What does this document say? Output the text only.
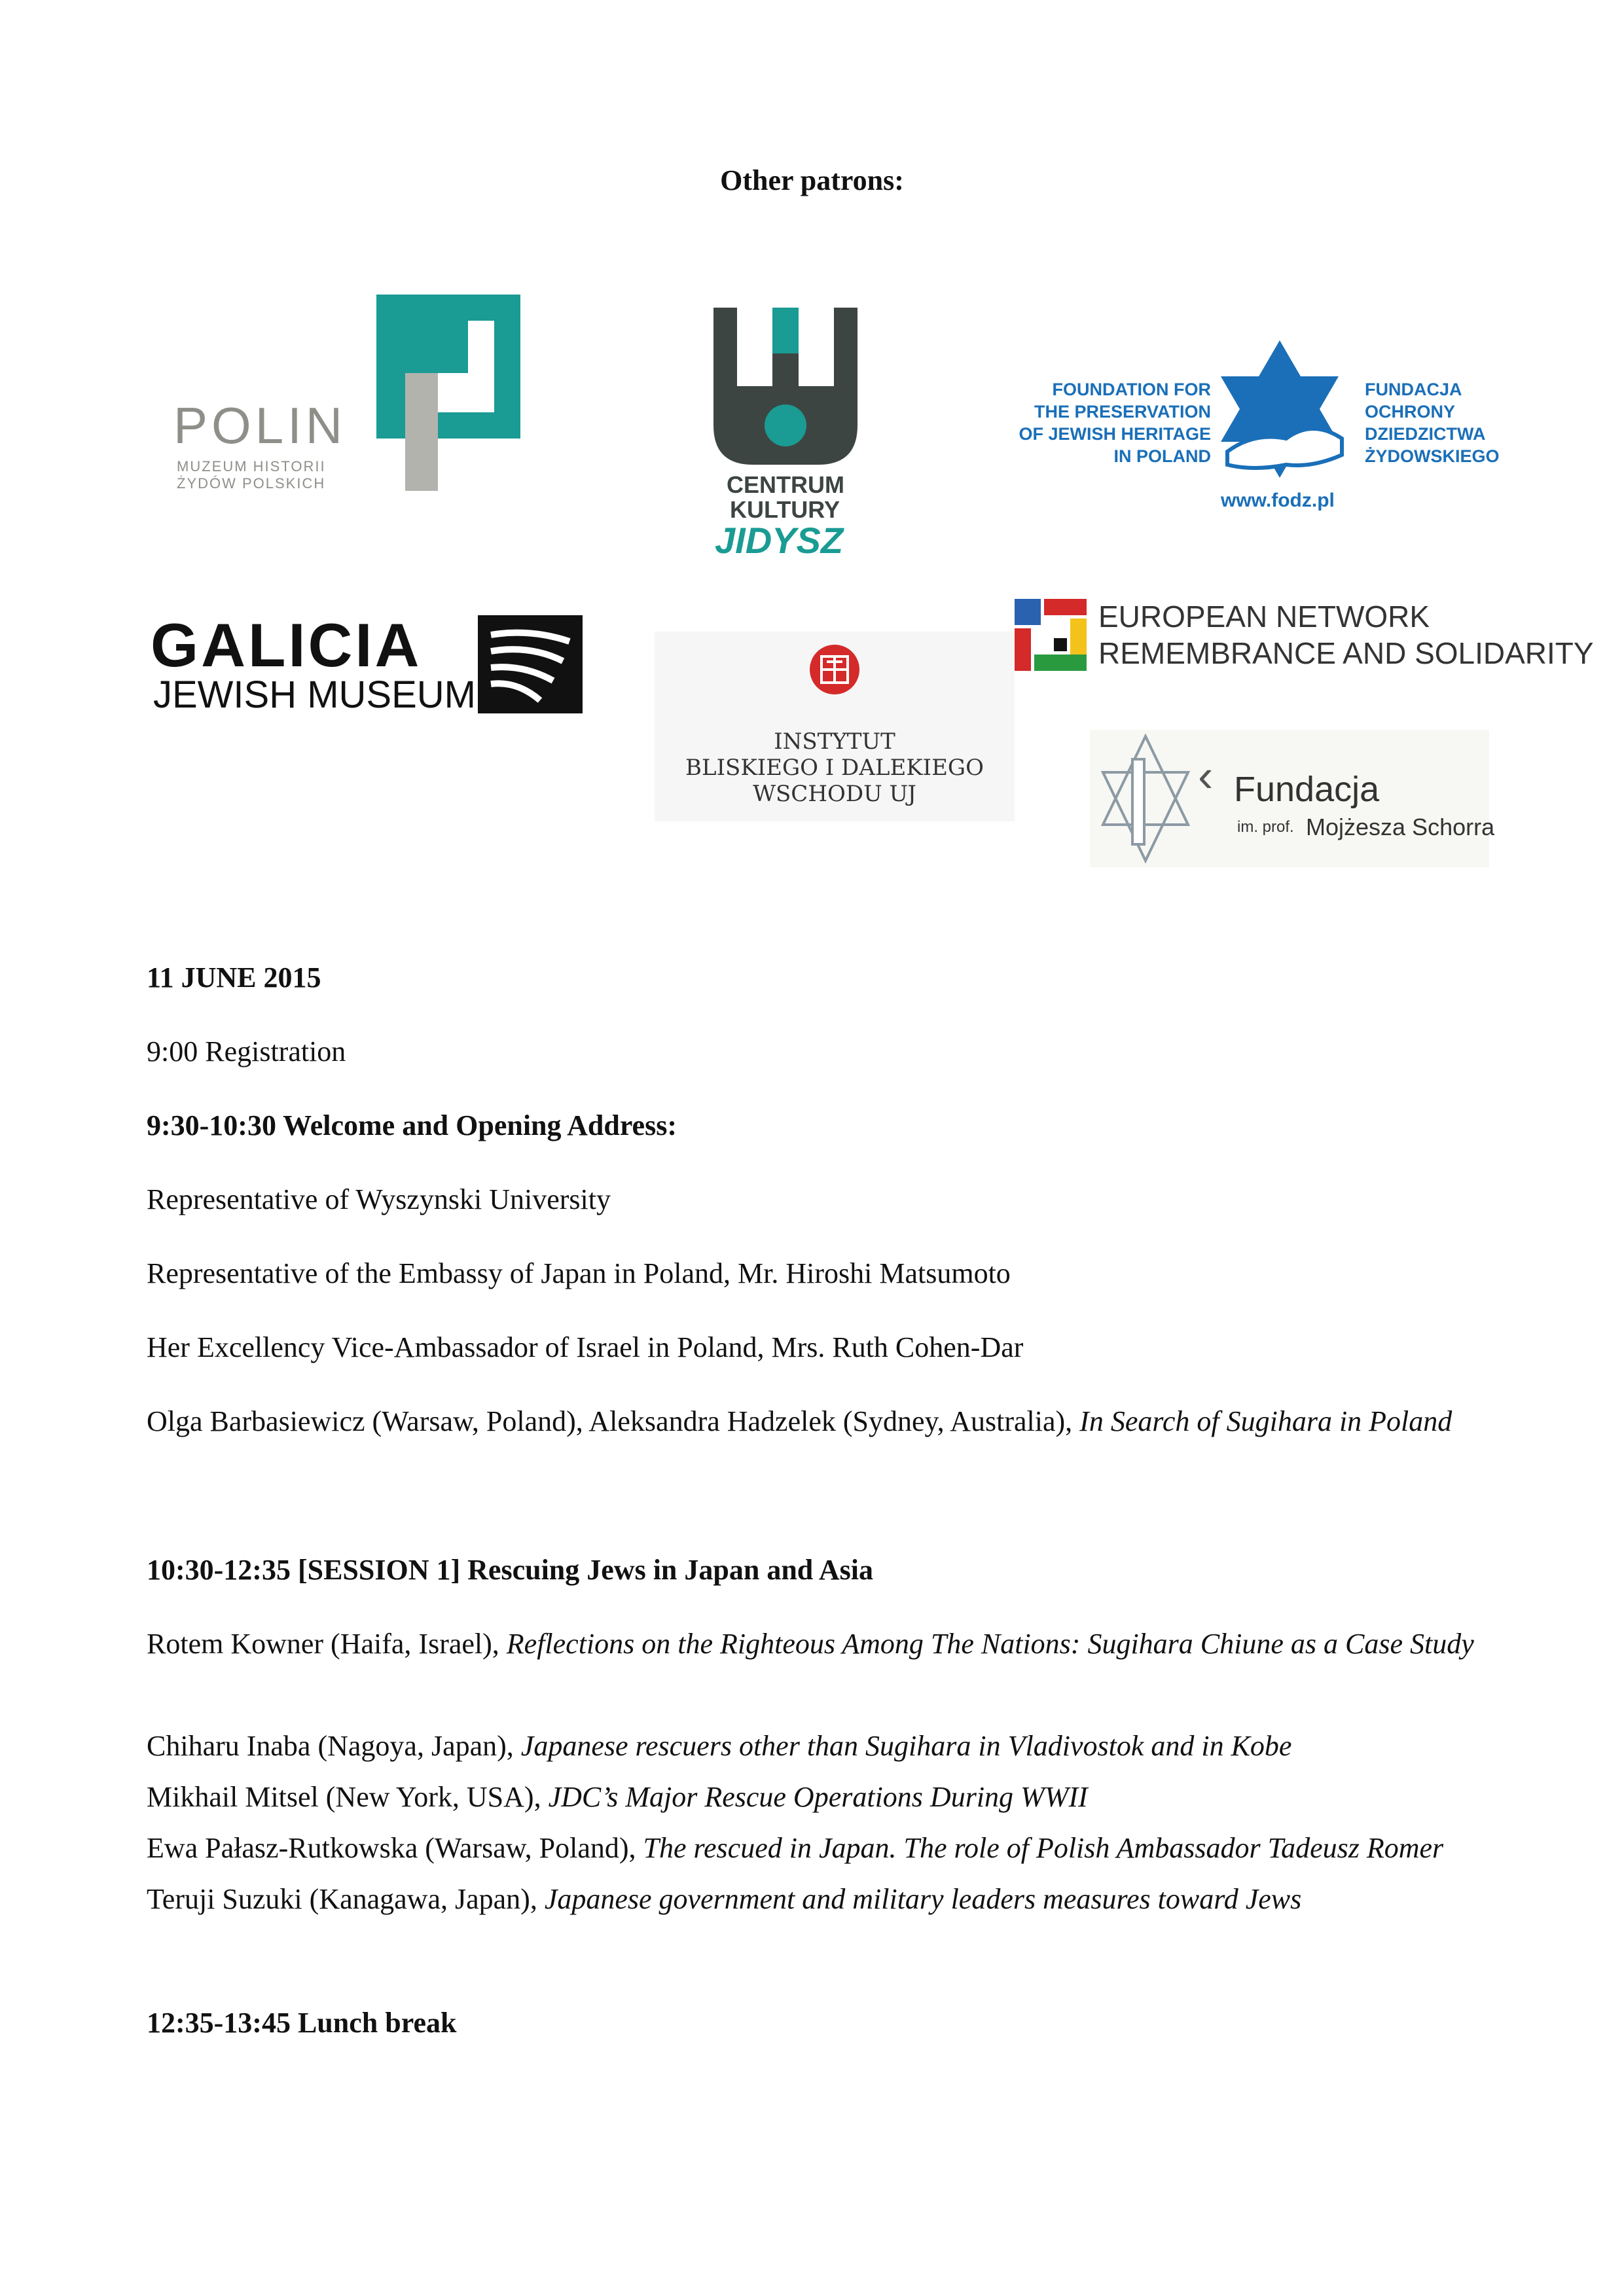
Other patrons:
POLIN
MUZEUM HISTORII
ŻYDÓW POLSKICH	CENTRUM
KULTURY
JIDYSZ
FOUNDATION FOR
THE PRESERVATION
OF JEWISH HERITAGE
IN POLAND
www.fodz.pl
FUNDACJA
OCHRONY
DZIEDZICTWA
ŻYDOWSKIEGO
GALICIA
JEWISH MUSEUM
INSTYTUT
BLISKIEGO I DALEKIEGO
WSCHODU UJ
EUROPEAN NETWORK
REMEMBRANCE AND SOLIDARITY
‹ Fundacja
im. prof. Mojżesza Schorra
11 JUNE 2015
9:00 Registration
9:30-10:30 Welcome and Opening Address:
Representative of Wyszynski University
Representative of the Embassy of Japan in Poland, Mr. Hiroshi Matsumoto
Her Excellency Vice-Ambassador of Israel in Poland, Mrs. Ruth Cohen-Dar
Olga Barbasiewicz (Warsaw, Poland), Aleksandra Hadzelek (Sydney, Australia), In Search of Sugihara in Poland
10:30-12:35 [SESSION 1] Rescuing Jews in Japan and Asia
Rotem Kowner (Haifa, Israel), Reflections on the Righteous Among The Nations: Sugihara Chiune as a Case Study
Chiharu Inaba (Nagoya, Japan), Japanese rescuers other than Sugihara in Vladivostok and in Kobe
Mikhail Mitsel (New York, USA), JDC’s Major Rescue Operations During WWII
Ewa Pałasz-Rutkowska (Warsaw, Poland), The rescued in Japan. The role of Polish Ambassador Tadeusz Romer
Teruji Suzuki (Kanagawa, Japan), Japanese government and military leaders measures toward Jews
12:35-13:45 Lunch break
